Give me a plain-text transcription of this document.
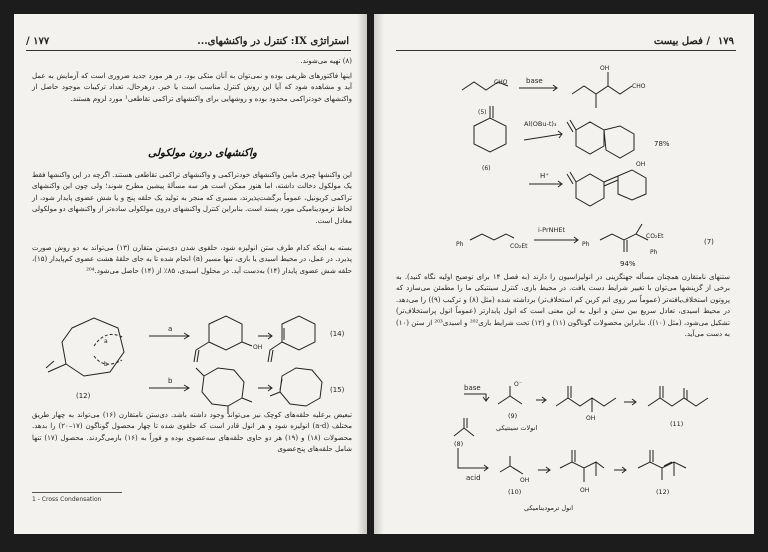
/ ۱۷۷	استراتژی IX: کنترل در واکنشهای...
(۸) تهیه می‌شوند.
اینها فاکتورهای ظریفی بوده و نمی‌توان به آنان متکی بود. در هر مورد جدید ضروری است که آزمایش به عمل آید و مشاهده شود که آیا این روش کنترل مناسب است یا خیر. درهرحال، تعداد ترکیبات موجود حاصل از واکنشهای خودتراکمی محدود بوده و روشهایی برای واکنشهای تراکمی تقاطعی¹ مورد لزوم هستند.
واکنشهای درون مولکولی
این واکنشها چیزی مابین واکنشهای خودتراکمی و واکنشهای تراکمی تقاطعی هستند. اگرچه در این واکنشها فقط یک مولکول دخالت داشته، اما هنوز ممکن است هر سه مسألهٔ پیشین مطرح شوند؛ ولی چون این واکنشهای تراکمی کربونیل، عموماً برگشت‌پذیرند، مسیری که منجر به تولید یک حلقه پنج و یا شش عضوی پایدار شود، از لحاظ ترمودینامیکی مورد پسند است. بنابراین کنترل واکنشهای درون مولکولی ساده‌تر از واکنشهای دو مولکولی معادل است.
بسته به اینکه کدام طرف ستن انولیزه شود، حلقوی شدن دی‌ستن متقارن (۱۳) می‌تواند به دو روش صورت پذیرد. در عمل، در محیط اسیدی یا بازی، تنها مسیر (a) انجام شده تا به جای حلقهٔ هشت عضوی کم‌پایدار (۱۵)، حلقه شش عضوی پایدار (۱۴) به‌دست آید. در محلول اسیدی، ۸۵٪ از (۱۴) حاصل می‌شود.²⁰⁴
a
b
a
b
(12)
OH
(14)
(15)
تبعیض برعلیه حلقه‌های کوچک نیز می‌تواند وجود داشته باشد. دی‌ستن نامتقارن (۱۶) می‌تواند به چهار طریق مختلف (a-d) انولیزه شود و هر انول قادر است که حلقوی شده تا چهار محصول گوناگون (۱۷–۲۰) را بدهد. محصولات (۱۸) و (۱۹) هر دو حاوی حلقه‌های سه‌عضوی بوده و فوراً به (۱۶) بازمی‌گردند. محصول (۱۷) تنها شامل حلقه‌های پنج‌عضوی
1 - Cross Condensation
/ فصل بیست ۱۷۹
CHO	base
CHO
OH
(5)
Al(OBu-t)₃
78%
OH
(6)
H⁺
i-PrNHEt
Ph	CO₂Et	Ph
CO₂Et
Ph
(7)
94%
ستنهای نامتقارن همچنان مسأله جهتگزینی در انولیزاسیون را دارند (به فصل ۱۴ برای توضیح اولیه نگاه کنید). به برخی از گزینشها می‌توان با تغییر شرایط دست یافت. در محیط بازی، کنترل سینتیکی ما را مطمئن می‌سازد که پروتون استخلاف‌یافته‌تر (عموماً سر روی اتم کربن کم استخلاف‌تر) برداشته شده (مثل (۸) و ترکیب (۹)) را می‌دهد. در محیط اسیدی، تعادل سریع بین ستن و انول به این معنی است که انول پایدارتر (عموماً انول پراستخلاف‌تر) تشکیل می‌شود، (مثل (۱۰)). بنابراین محصولات گوناگون (۱۱) و (۱۲) تحت شرایط بازی²⁰² و اسیدی²⁰³ از ستن (۱۰) به دست می‌آید.
base	O⁻
OH
(9)
انولات سینتیکی	(11)
(8)
acid	OH
(10)	OH	(12)
انول ترمودینامیکی
